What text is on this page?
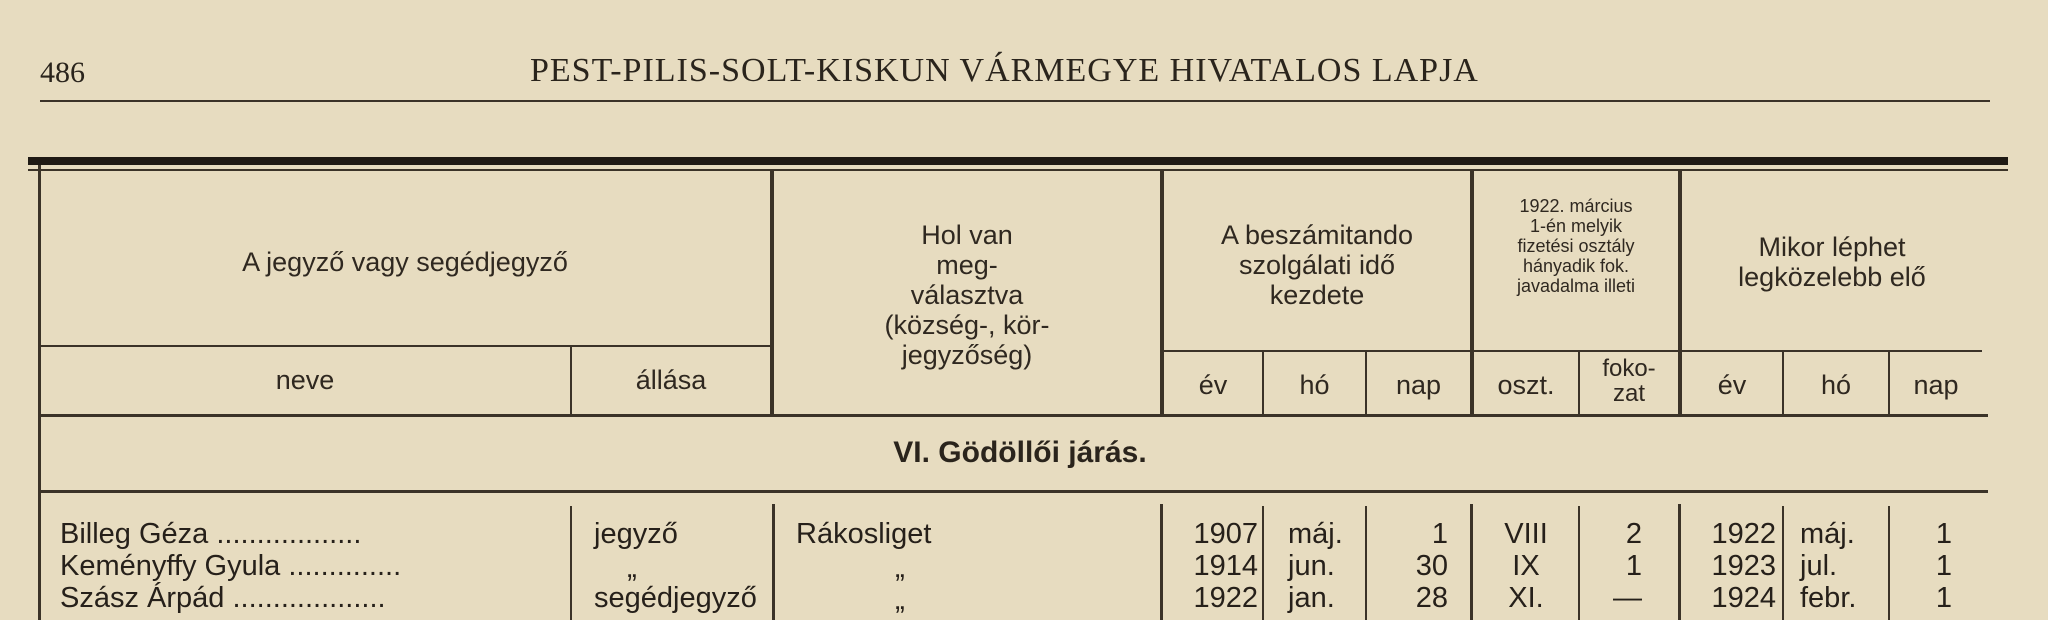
486	PEST-PILIS-SOLT-KISKUN VÁRMEGYE HIVATALOS LAPJA
A jegyző vagy segédjegyző
neve	állása
Hol van
meg-
választva
(község-, kör-
jegyzőség)
A beszámitando
szolgálati idő
kezdete
év	hó	nap
1922. március
1-én melyik
fizetési osztály
hányadik fok.
javadalma illeti
oszt.
foko-
zat
Mikor léphet
legközelebb elő
év	hó	nap
VI. Gödöllői járás.
Billeg Géza ..................	jegyző	Rákosliget	1907 máj.	1	VIII	2	1922 máj.	1
Keményffy Gyula ..............	„	„	1914 jun.	30	IX	1	1923 jul.	1
Szász Árpád ...................	segédjegyző	„	1922 jan.	28	XI.	—	1924 febr.	1
